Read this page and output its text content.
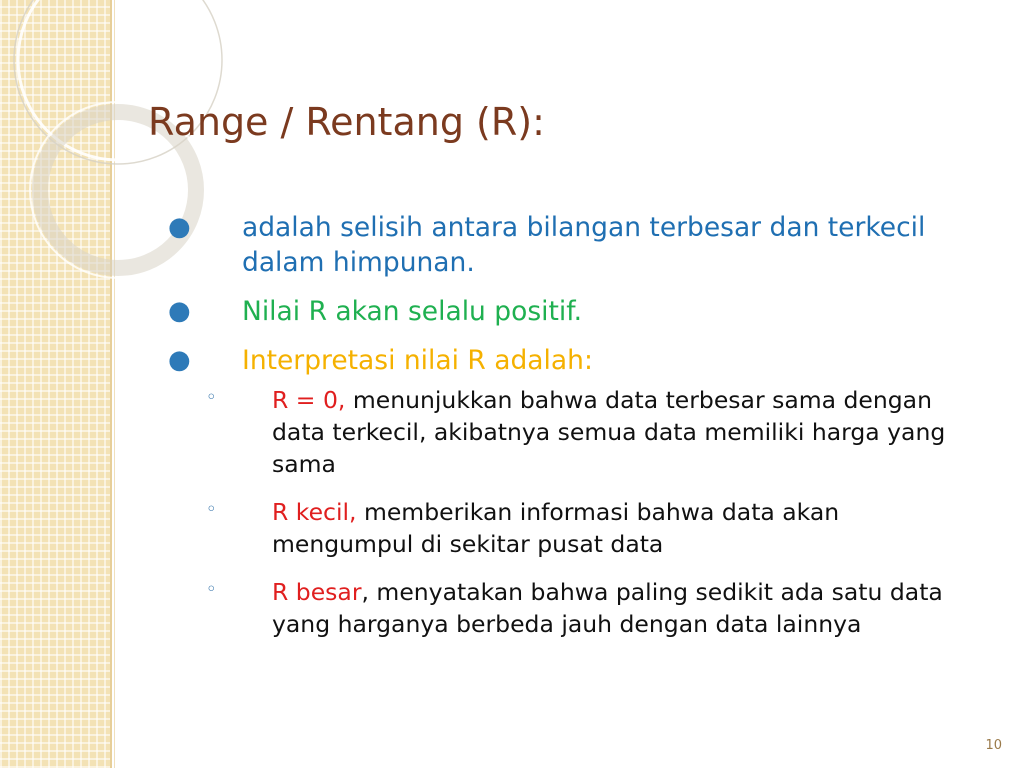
Range / Rentang (R):
● adalah selisih antara bilangan terbesar dan terkecil dalam himpunan.
● Nilai R akan selalu positif.
● Interpretasi nilai R adalah:
◦ R = 0, menunjukkan bahwa data terbesar sama dengan data terkecil, akibatnya semua data memiliki harga yang sama
◦ R kecil, memberikan informasi bahwa data akan mengumpul di sekitar pusat data
◦ R besar, menyatakan bahwa paling sedikit ada satu data yang harganya berbeda jauh dengan data lainnya
10
